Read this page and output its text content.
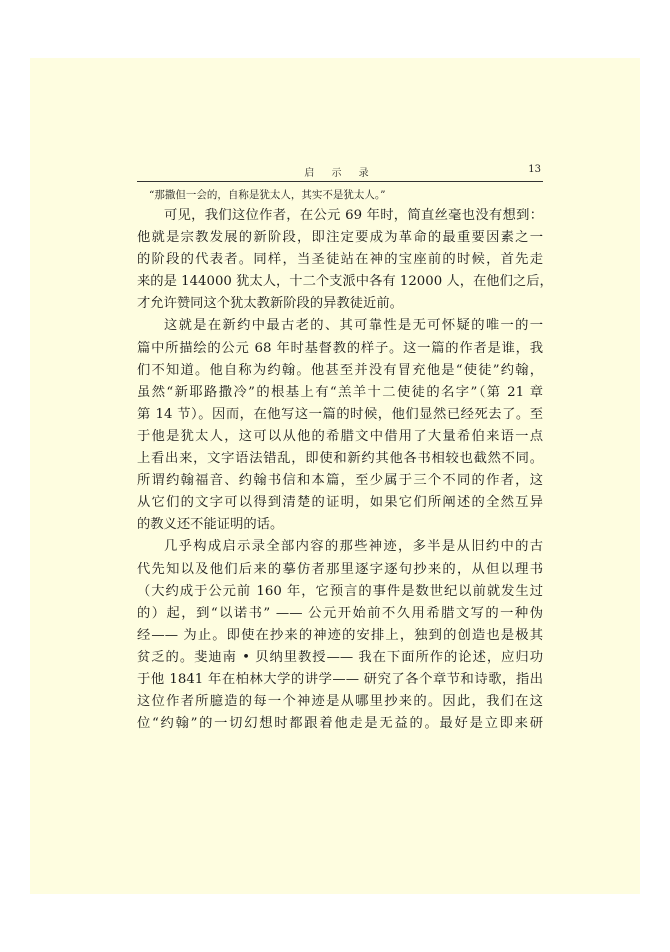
启 示 录	13

“那撒但一会的，自称是犹太人，其实不是犹太人。”

可见，我们这位作者，在公元 69 年时，简直丝毫也没有想到：
他就是宗教发展的新阶段，即注定要成为革命的最重要因素之一
的阶段的代表者。同样，当圣徒站在神的宝座前的时候，首先走
来的是 144000 犹太人，十二个支派中各有 12000 人，在他们之后，
才允许赞同这个犹太教新阶段的异教徒近前。

这就是在新约中最古老的、其可靠性是无可怀疑的唯一的一
篇中所描绘的公元 68 年时基督教的样子。这一篇的作者是谁，我
们不知道。他自称为约翰。他甚至并没有冒充他是“使徒”约翰，
虽然“新耶路撒冷”的根基上有“羔羊十二使徒的名字”（第 21 章
第 14 节）。因而，在他写这一篇的时候，他们显然已经死去了。至
于他是犹太人，这可以从他的希腊文中借用了大量希伯来语一点
上看出来，文字语法错乱，即使和新约其他各书相较也截然不同。
所谓约翰福音、约翰书信和本篇，至少属于三个不同的作者，这
从它们的文字可以得到清楚的证明，如果它们所阐述的全然互异
的教义还不能证明的话。

几乎构成启示录全部内容的那些神迹，多半是从旧约中的古
代先知以及他们后来的摹仿者那里逐字逐句抄来的，从但以理书
（大约成于公元前 160 年，它预言的事件是数世纪以前就发生过
的）起，到“以诺书” —— 公元开始前不久用希腊文写的一种伪
经—— 为止。即使在抄来的神迹的安排上，独到的创造也是极其
贫乏的。斐迪南 • 贝纳里教授—— 我在下面所作的论述，应归功
于他 1841 年在柏林大学的讲学—— 研究了各个章节和诗歌，指出
这位作者所臆造的每一个神迹是从哪里抄来的。因此，我们在这
位“约翰”的一切幻想时都跟着他走是无益的。最好是立即来研
